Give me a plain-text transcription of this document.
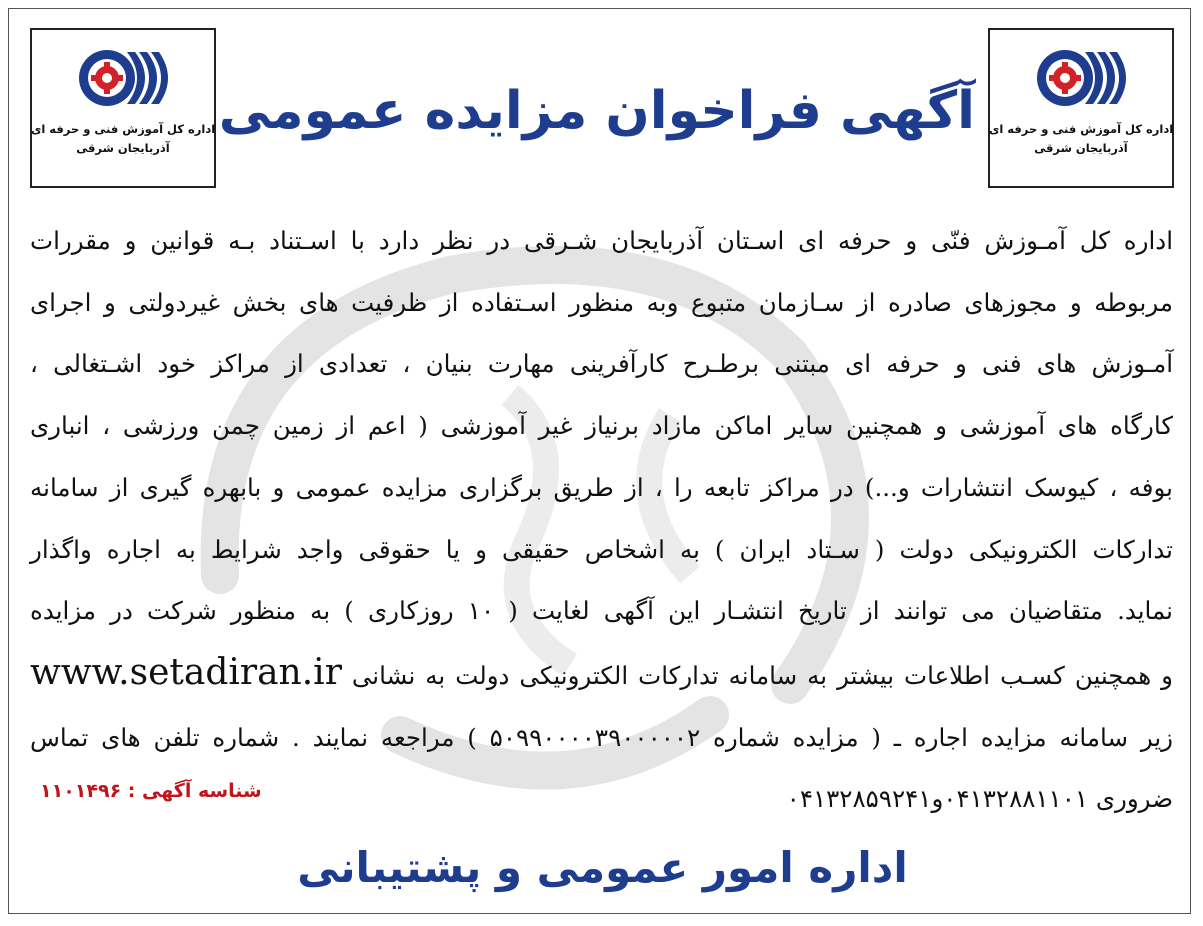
اداره کل آموزش فنی و حرفه ای
آذربایجان شرقی
اداره کل آموزش فنی و حرفه ای
آذربایجان شرقی
آگهی فراخوان مزایده عمومی
اداره کل آمـوزش فنّی و حرفه ای اسـتان آذربایجان شـرقی در نظر دارد با اسـتناد بـه قوانین و مقررات
مربوطه و مجوزهای صادره از سـازمان متبوع وبه منظور اسـتفاده از ظرفیت های بخش غیردولتی و اجرای
آمـوزش های فنی و حرفه ای مبتنی برطـرح کارآفرینی مهارت بنیان ، تعدادی از مراکز خود اشـتغالی ،
کارگاه های آموزشی و همچنین سایر اماکن مازاد برنیاز غیر آموزشی ( اعم از زمین چمن ورزشی ، انباری
بوفه ، کیوسک انتشارات و...) در مراکز تابعه را ، از طریق برگزاری مزایده عمومی و بابهره گیری از سامانه
تدارکات الکترونیکی دولت ( سـتاد ایران ) به اشخاص حقیقی و یا حقوقی واجد شرایط به اجاره واگذار
نماید. متقاضیان می توانند از تاریخ انتشـار این آگهی لغایت ( ۱۰ روزکاری ) به منظور شرکت در مزایده
و همچنین کسـب اطلاعات بیشتر به سامانه تدارکات الکترونیکی دولت به نشانی www.setadiran.ir
زیر سامانه مزایده اجاره ـ ( مزایده شماره ۵۰۹۹۰۰۰۰۳۹۰۰۰۰۰۲ ) مراجعه نمایند . شماره تلفن های تماس
ضروری ۰۴۱۳۲۸۸۱۱۰۱و۰۴۱۳۲۸۵۹۲۴۱
شناسه آگهی : ۱۱۰۱۴۹۶
اداره امور عمومی و پشتیبانی
